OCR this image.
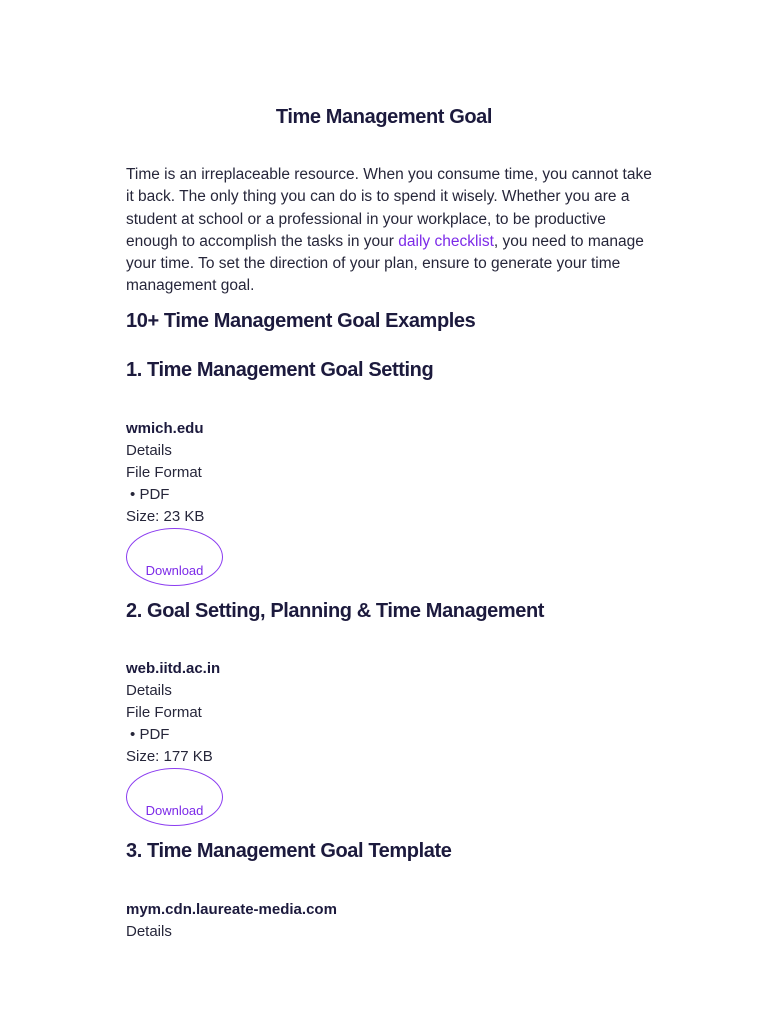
Time Management Goal

Time is an irreplaceable resource. When you consume time, you cannot take it back. The only thing you can do is to spend it wisely. Whether you are a student at school or a professional in your workplace, to be productive enough to accomplish the tasks in your daily checklist, you need to manage your time. To set the direction of your plan, ensure to generate your time management goal.

10+ Time Management Goal Examples
1. Time Management Goal Setting
wmich.edu
Details
File Format
• PDF
Size: 23 KB
Download
2. Goal Setting, Planning & Time Management
web.iitd.ac.in
Details
File Format
• PDF
Size: 177 KB
Download
3. Time Management Goal Template
mym.cdn.laureate-media.com
Details
